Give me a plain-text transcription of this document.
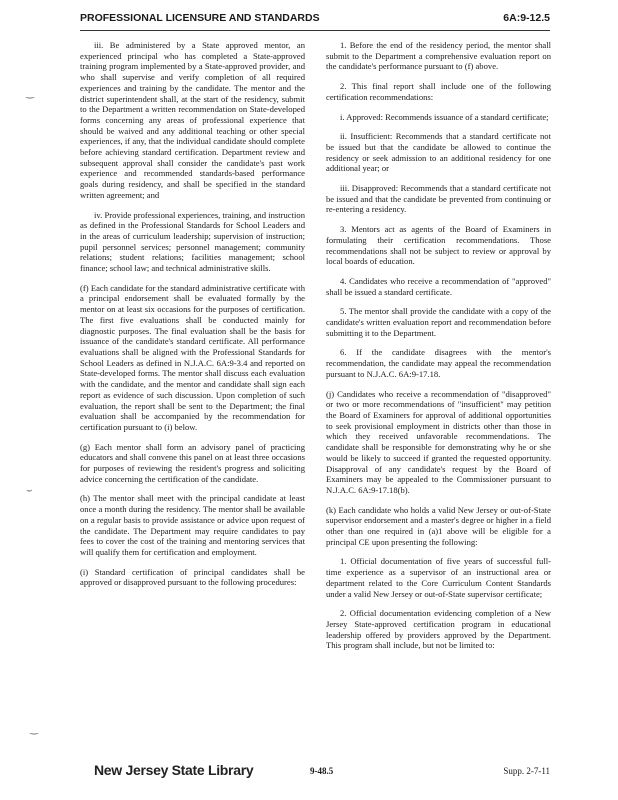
PROFESSIONAL LICENSURE AND STANDARDS	6A:9-12.5
‿
⌣
‿

iii. Be administered by a State approved mentor, an experienced principal who has completed a State-approved training program implemented by a State-approved provider, and who shall supervise and verify completion of all required experiences and training by the candidate. The mentor and the district superintendent shall, at the start of the residency, submit to the Department a written recommendation on State-developed forms concerning any areas of professional experience that should be waived and any additional teaching or other special experiences, if any, that the individual candidate should complete before achieving standard certification. Department review and subsequent approval shall consider the candidate's past work experience and recommended standards-based performance goals during residency, and shall be specified in the standard written agreement; and

iv. Provide professional experiences, training, and instruction as defined in the Professional Standards for School Leaders and in the areas of curriculum leadership; supervision of instruction; pupil personnel services; personnel management; community relations; student relations; facilities management; school finance; school law; and technical administrative skills.

(f) Each candidate for the standard administrative certificate with a principal endorsement shall be evaluated formally by the mentor on at least six occasions for the purposes of certification. The first five evaluations shall be conducted mainly for diagnostic purposes. The final evaluation shall be the basis for issuance of the candidate's standard certificate. All performance evaluations shall be aligned with the Professional Standards for School Leaders as defined in N.J.A.C. 6A:9-3.4 and reported on State-developed forms. The mentor shall discuss each evaluation with the candidate, and the mentor and candidate shall sign each report as evidence of such discussion. Upon completion of such evaluation, the report shall be sent to the Department; the final evaluation shall be accompanied by the recommendation for certification pursuant to (i) below.

(g) Each mentor shall form an advisory panel of practicing educators and shall convene this panel on at least three occasions for purposes of reviewing the resident's progress and soliciting advice concerning the certification of the candidate.

(h) The mentor shall meet with the principal candidate at least once a month during the residency. The mentor shall be available on a regular basis to provide assistance or advice upon request of the candidate. The Department may require candidates to pay fees to cover the cost of the training and mentoring services that will qualify them for certification and employment.

(i) Standard certification of principal candidates shall be approved or disapproved pursuant to the following procedures:

1. Before the end of the residency period, the mentor shall submit to the Department a comprehensive evaluation report on the candidate's performance pursuant to (f) above.

2. This final report shall include one of the following certification recommendations:

i. Approved: Recommends issuance of a standard certificate;

ii. Insufficient: Recommends that a standard certificate not be issued but that the candidate be allowed to continue the residency or seek admission to an additional residency for one additional year; or

iii. Disapproved: Recommends that a standard certificate not be issued and that the candidate be prevented from continuing or re-entering a residency.

3. Mentors act as agents of the Board of Examiners in formulating their certification recommendations. Those recommendations shall not be subject to review or approval by local boards of education.

4. Candidates who receive a recommendation of "approved" shall be issued a standard certificate.

5. The mentor shall provide the candidate with a copy of the candidate's written evaluation report and recommendation before submitting it to the Department.

6. If the candidate disagrees with the mentor's recommendation, the candidate may appeal the recommendation pursuant to N.J.A.C. 6A:9-17.18.

(j) Candidates who receive a recommendation of "disapproved" or two or more recommendations of "insufficient" may petition the Board of Examiners for approval of additional opportunities to seek provisional employment in districts other than those in which they received unfavorable recommendations. The candidate shall be responsible for demonstrating why he or she would be likely to succeed if granted the requested opportunity. Disapproval of any candidate's request by the Board of Examiners may be appealed to the Commissioner pursuant to N.J.A.C. 6A:9-17.18(b).

(k) Each candidate who holds a valid New Jersey or out-of-State supervisor endorsement and a master's degree or higher in a field other than one required in (a)1 above will be eligible for a principal CE upon presenting the following:

1. Official documentation of five years of successful full-time experience as a supervisor of an instructional area or department related to the Core Curriculum Content Standards under a valid New Jersey or out-of-State supervisor certificate;

2. Official documentation evidencing completion of a New Jersey State-approved certification program in educational leadership offered by providers approved by the Department. This program shall include, but not be limited to:

New Jersey State Library	9-48.5	Supp. 2-7-11
